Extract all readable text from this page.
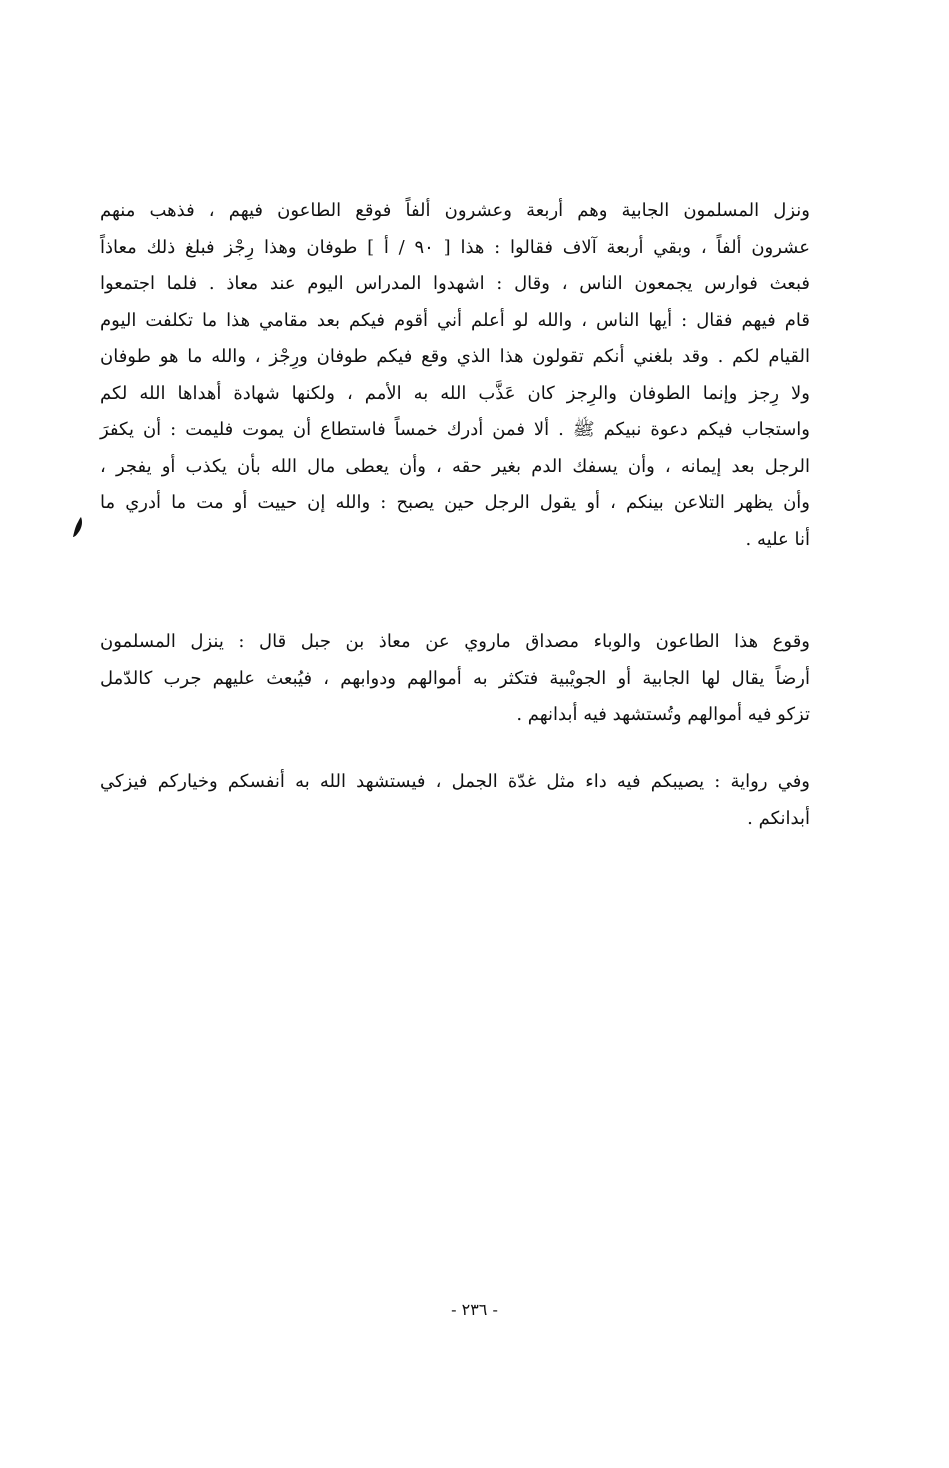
ونزل المسلمون الجابية وهم أربعة وعشرون ألفاً فوقع الطاعون فيهم ، فذهب منهم
عشرون ألفاً ، وبقي أربعة آلاف فقالوا : هذا [ ٩٠ / أ ] طوفان وهذا رِجْز فبلغ ذلك معاذاً
فبعث فوارس يجمعون الناس ، وقال : اشهدوا المدراس اليوم عند معاذ . فلما اجتمعوا
قام فيهم فقال : أيها الناس ، والله لو أعلم أني أقوم فيكم بعد مقامي هذا ما تكلفت اليوم
القيام لكم . وقد بلغني أنكم تقولون هذا الذي وقع فيكم طوفان ورِجْز ، والله ما هو طوفان
ولا رِجز وإنما الطوفان والرِجز كان عَذَّب الله به الأمم ، ولكنها شهادة أهداها الله لكم
واستجاب فيكم دعوة نبيكم ﷺ . ألا فمن أدرك خمساً فاستطاع أن يموت فليمت : أن يكفرَ
الرجل بعد إيمانه ، وأن يسفك الدم بغير حقه ، وأن يعطى مال الله بأن يكذب أو يفجر ،
وأن يظهر التلاعن بينكم ، أو يقول الرجل حين يصبح : والله إن حييت أو مت ما أدري ما
أنا عليه .
وقوع هذا الطاعون والوباء مصداق ماروي عن معاذ بن جبل قال : ينزل المسلمون
أرضاً يقال لها الجابية أو الجويْبية فتكثر به أموالهم ودوابهم ، فيُبعث عليهم جرب كالدّمل
تزكو فيه أموالهم وتُستشهد فيه أبدانهم .
وفي رواية : يصيبكم فيه داء مثل غدّة الجمل ، فيستشهد الله به أنفسكم وخياركم فيزكي
أبدانكم .
- ٢٣٦ -
